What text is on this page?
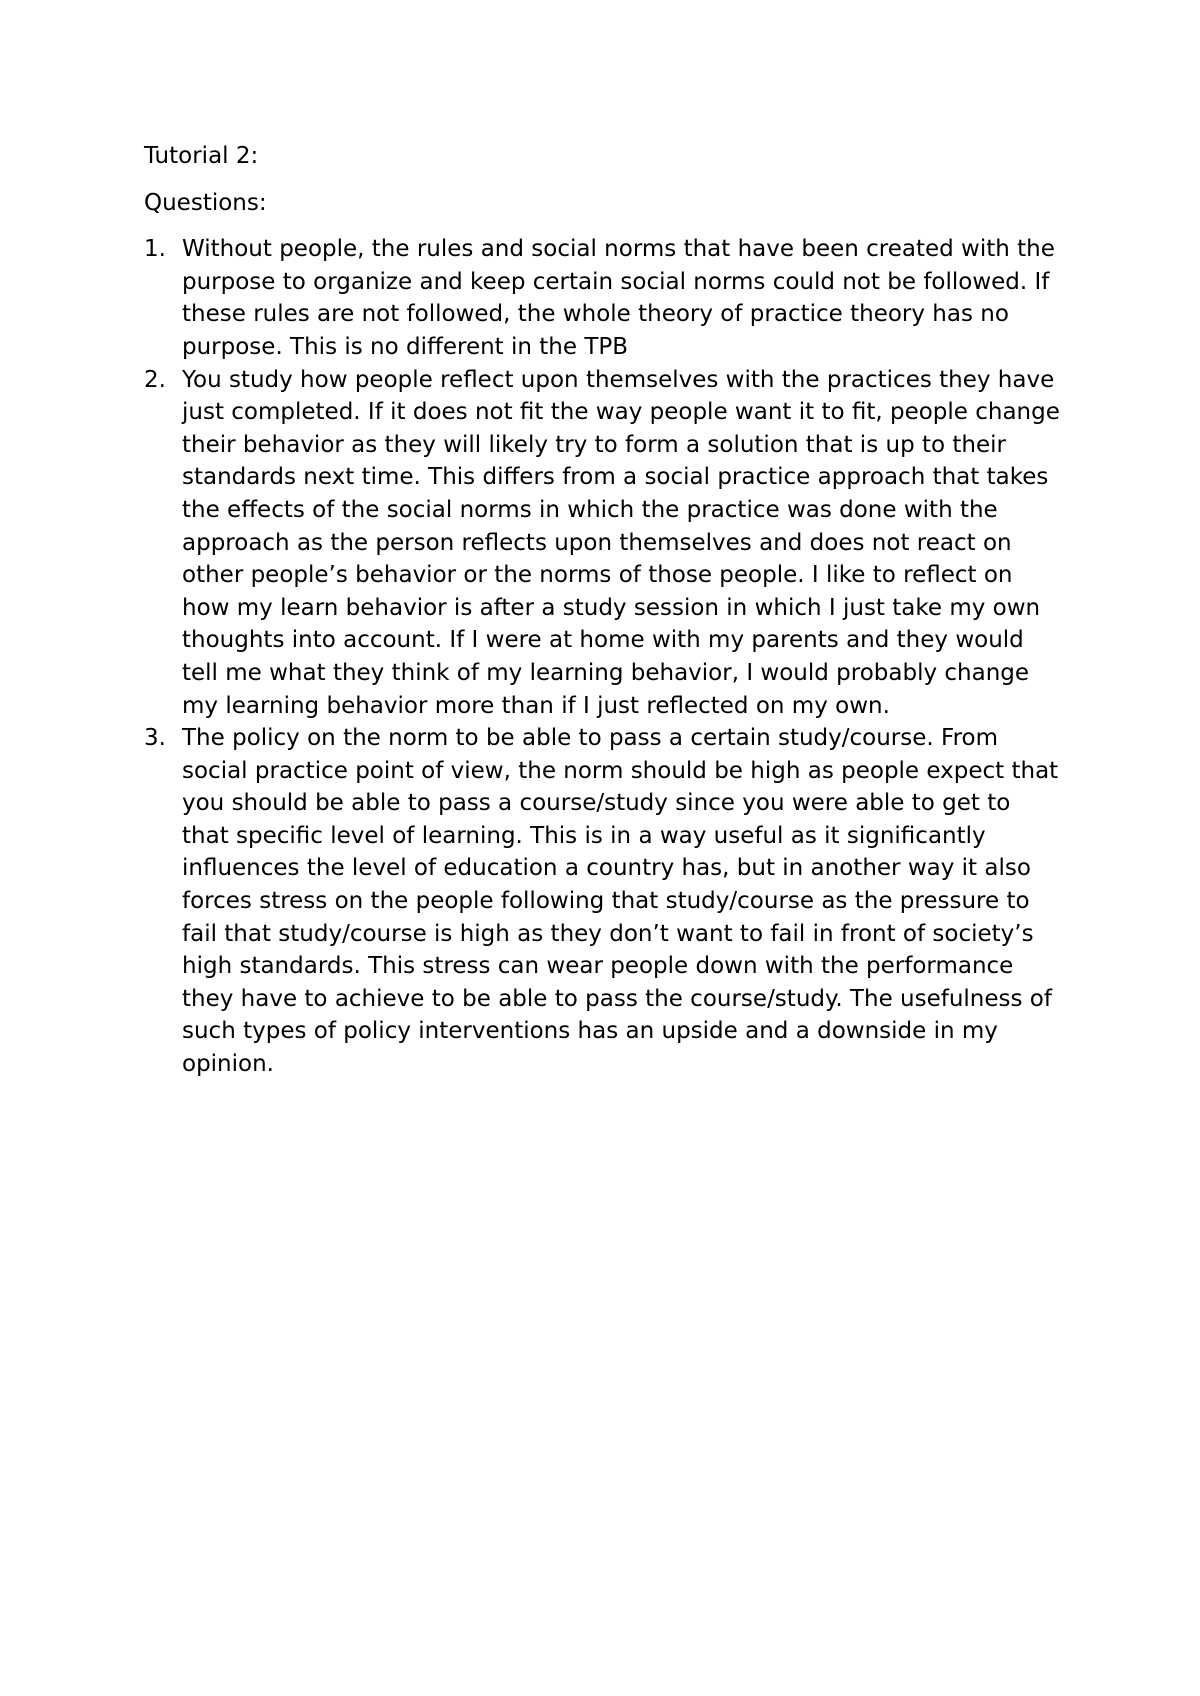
Tutorial 2:

Questions:

1. Without people, the rules and social norms that have been created with the purpose to organize and keep certain social norms could not be followed. If these rules are not followed, the whole theory of practice theory has no purpose. This is no different in the TPB
2. You study how people reflect upon themselves with the practices they have just completed. If it does not fit the way people want it to fit, people change their behavior as they will likely try to form a solution that is up to their standards next time. This differs from a social practice approach that takes the effects of the social norms in which the practice was done with the approach as the person reflects upon themselves and does not react on other people’s behavior or the norms of those people. I like to reflect on how my learn behavior is after a study session in which I just take my own thoughts into account. If I were at home with my parents and they would tell me what they think of my learning behavior, I would probably change my learning behavior more than if I just reflected on my own.
3. The policy on the norm to be able to pass a certain study/course. From social practice point of view, the norm should be high as people expect that you should be able to pass a course/study since you were able to get to that specific level of learning. This is in a way useful as it significantly influences the level of education a country has, but in another way it also forces stress on the people following that study/course as the pressure to fail that study/course is high as they don’t want to fail in front of society’s high standards. This stress can wear people down with the performance they have to achieve to be able to pass the course/study. The usefulness of such types of policy interventions has an upside and a downside in my opinion.
